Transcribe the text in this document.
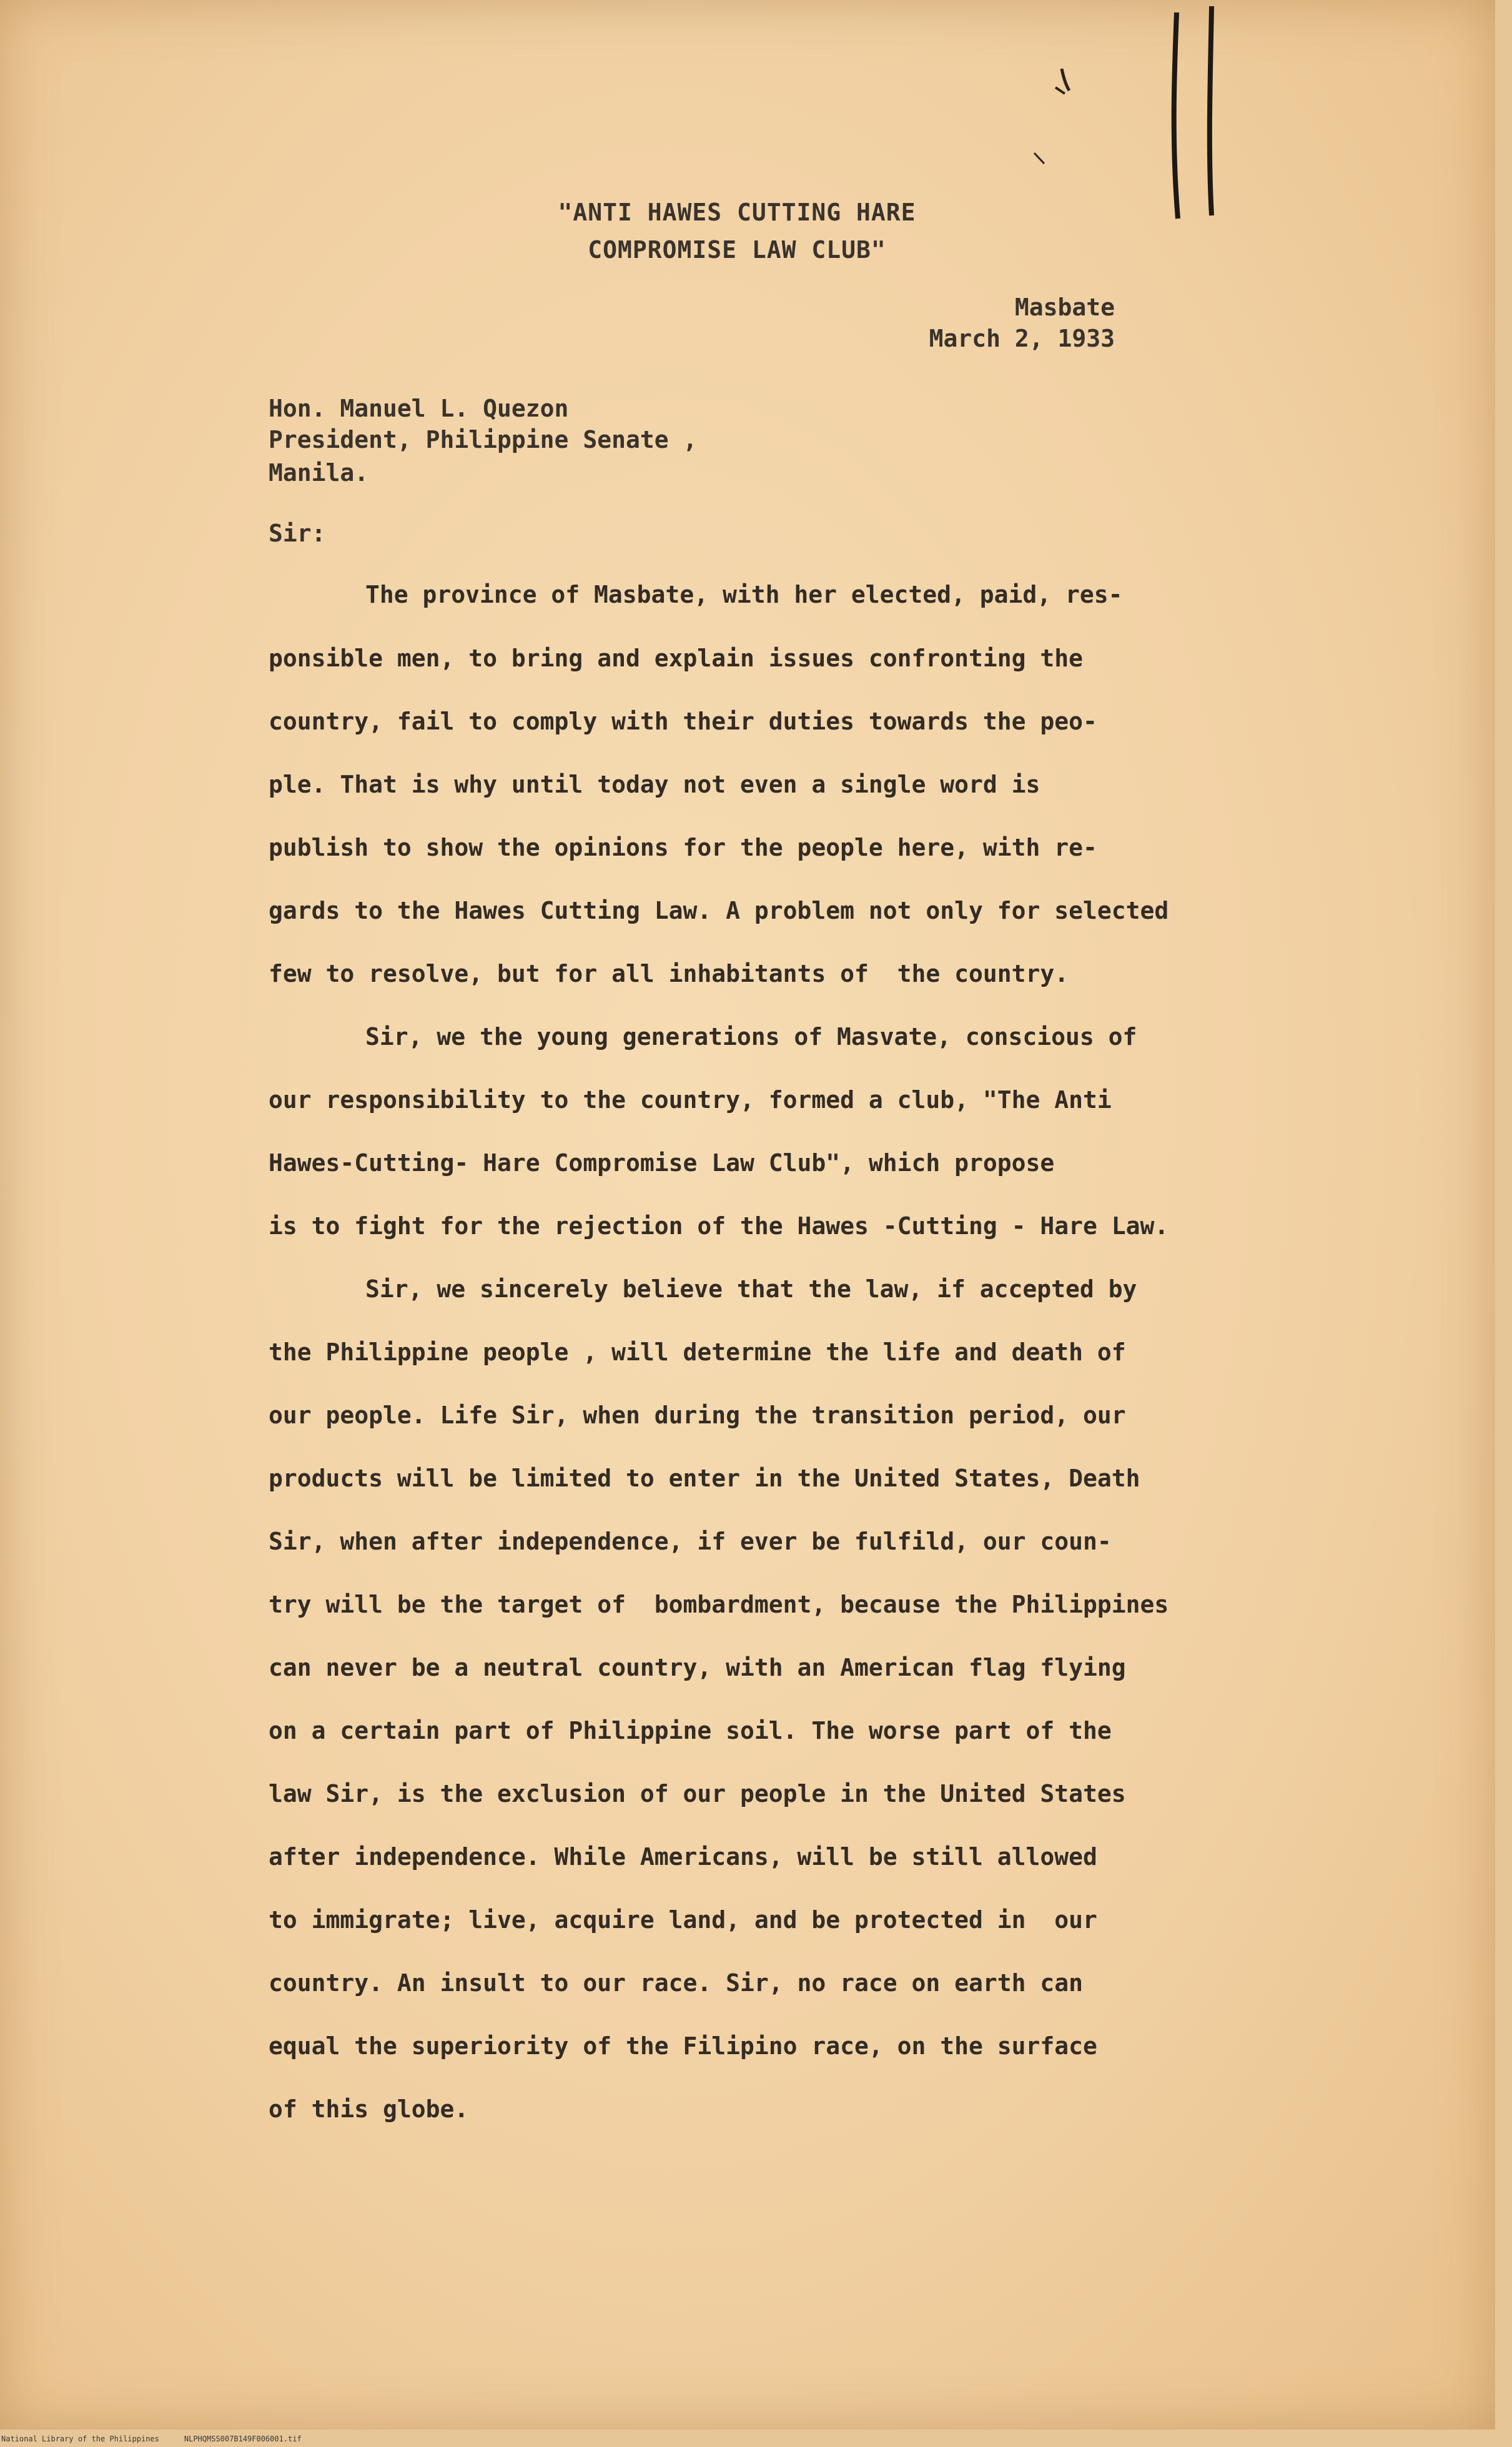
"ANTI HAWES CUTTING HARE
COMPROMISE LAW CLUB"
Masbate
March 2, 1933
Hon. Manuel L. Quezon
President, Philippine Senate ,
Manila.
Sir:
The province of Masbate, with her elected, paid, res-
ponsible men, to bring and explain issues confronting the
country, fail to comply with their duties towards the peo-
ple. That is why until today not even a single word is
publish to show the opinions for the people here, with re-
gards to the Hawes Cutting Law. A problem not only for selected
few to resolve, but for all inhabitants of  the country.
Sir, we the young generations of Masvate, conscious of
our responsibility to the country, formed a club, "The Anti
Hawes-Cutting- Hare Compromise Law Club", which propose
is to fight for the rejection of the Hawes -Cutting - Hare Law.
Sir, we sincerely believe that the law, if accepted by
the Philippine people , will determine the life and death of
our people. Life Sir, when during the transition period, our
products will be limited to enter in the United States, Death
Sir, when after independence, if ever be fulfild, our coun-
try will be the target of  bombardment, because the Philippines
can never be a neutral country, with an American flag flying
on a certain part of Philippine soil. The worse part of the
law Sir, is the exclusion of our people in the United States
after independence. While Americans, will be still allowed
to immigrate; live, acquire land, and be protected in  our
country. An insult to our race. Sir, no race on earth can
equal the superiority of the Filipino race, on the surface
of this globe.
National Library of the Philippines	NLPHQMSS007B149F006001.tif
